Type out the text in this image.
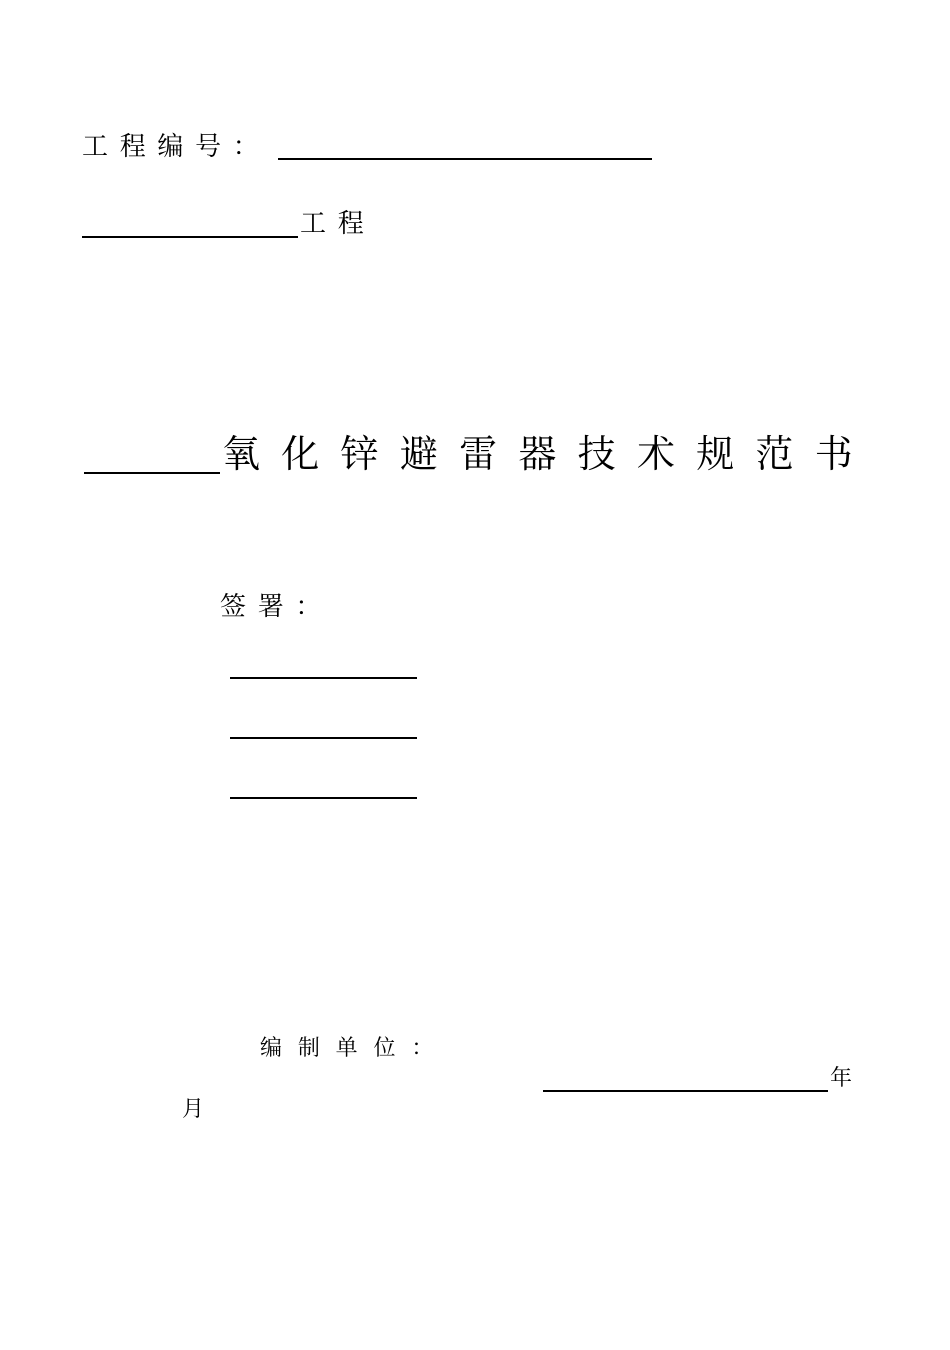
工程编号：
工程
氧化锌避雷器技术规范书
签署：
编制单位：
年
月
